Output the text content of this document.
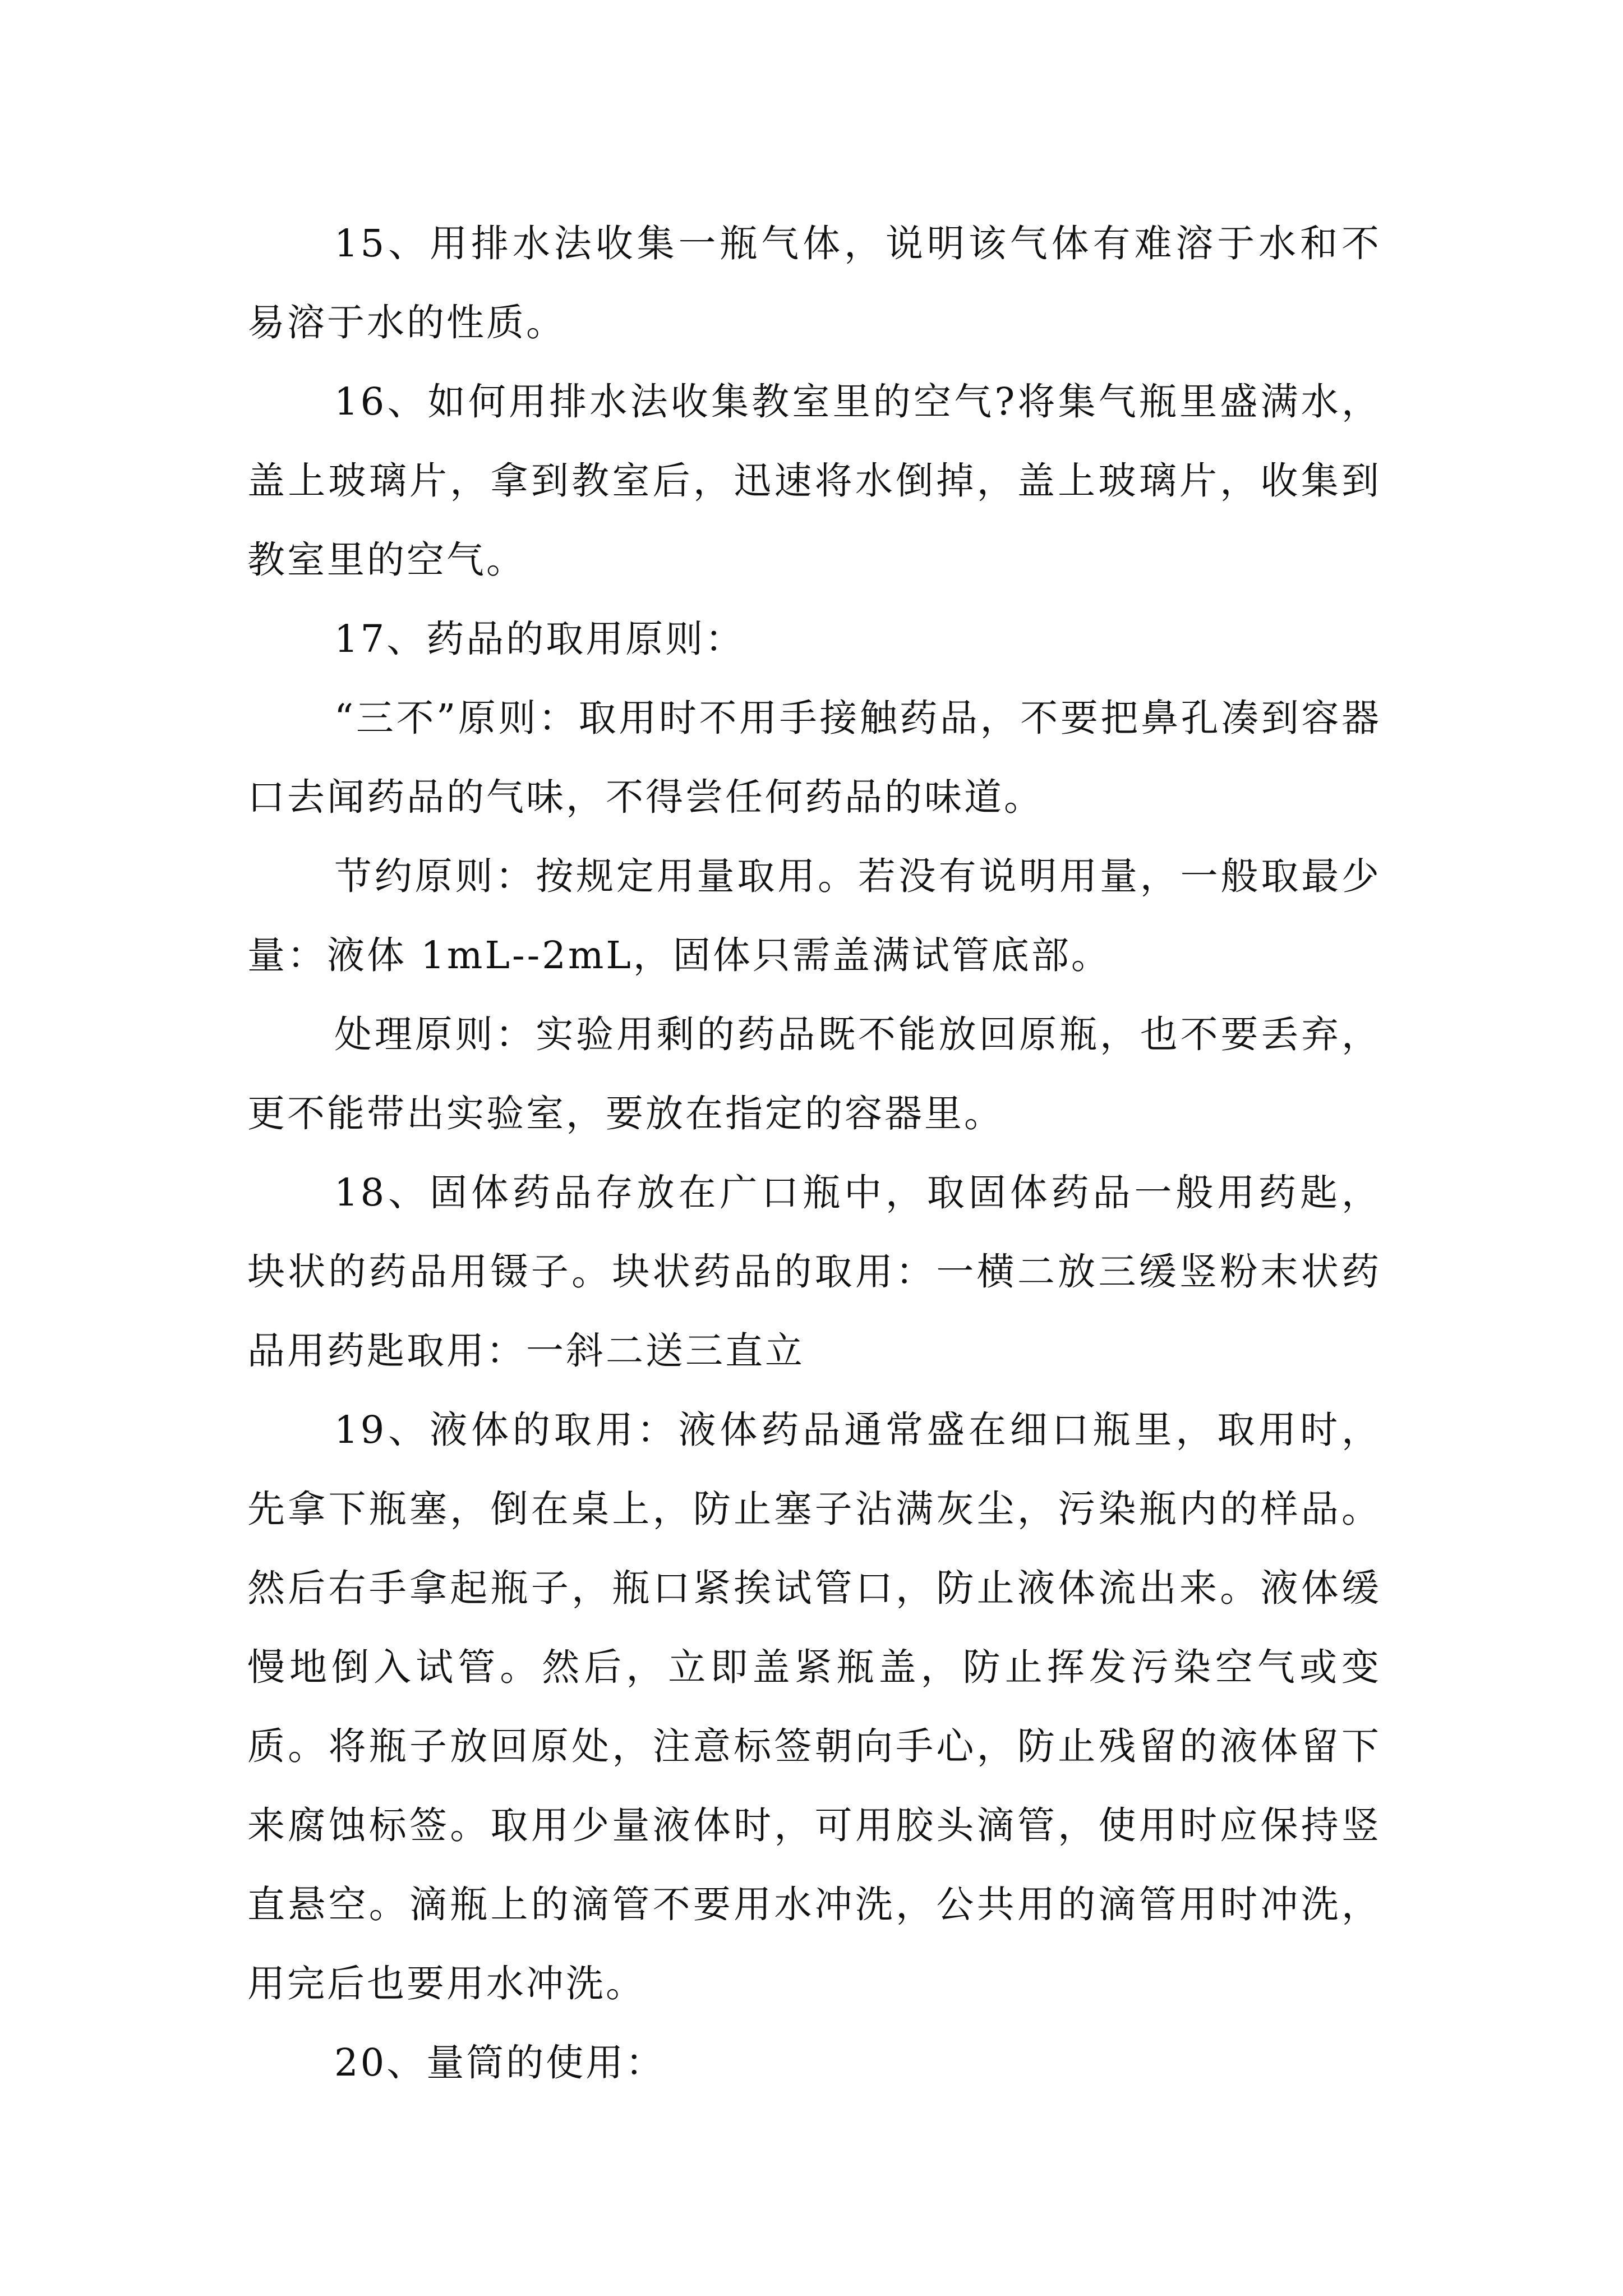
15、用排水法收集一瓶气体，说明该气体有难溶于水和不易溶于水的性质。

16、如何用排水法收集教室里的空气?将集气瓶里盛满水，盖上玻璃片，拿到教室后，迅速将水倒掉，盖上玻璃片，收集到教室里的空气。

17、药品的取用原则：

“三不”原则：取用时不用手接触药品，不要把鼻孔凑到容器口去闻药品的气味，不得尝任何药品的味道。

节约原则：按规定用量取用。若没有说明用量，一般取最少量：液体 1mL--2mL，固体只需盖满试管底部。

处理原则：实验用剩的药品既不能放回原瓶，也不要丢弃，更不能带出实验室，要放在指定的容器里。

18、固体药品存放在广口瓶中，取固体药品一般用药匙，块状的药品用镊子。块状药品的取用：一横二放三缓竖粉末状药品用药匙取用：一斜二送三直立

19、液体的取用：液体药品通常盛在细口瓶里，取用时，先拿下瓶塞，倒在桌上，防止塞子沾满灰尘，污染瓶内的样品。然后右手拿起瓶子，瓶口紧挨试管口，防止液体流出来。液体缓慢地倒入试管。然后，立即盖紧瓶盖，防止挥发污染空气或变质。将瓶子放回原处，注意标签朝向手心，防止残留的液体留下来腐蚀标签。取用少量液体时，可用胶头滴管，使用时应保持竖直悬空。滴瓶上的滴管不要用水冲洗，公共用的滴管用时冲洗，用完后也要用水冲洗。

20、量筒的使用：
